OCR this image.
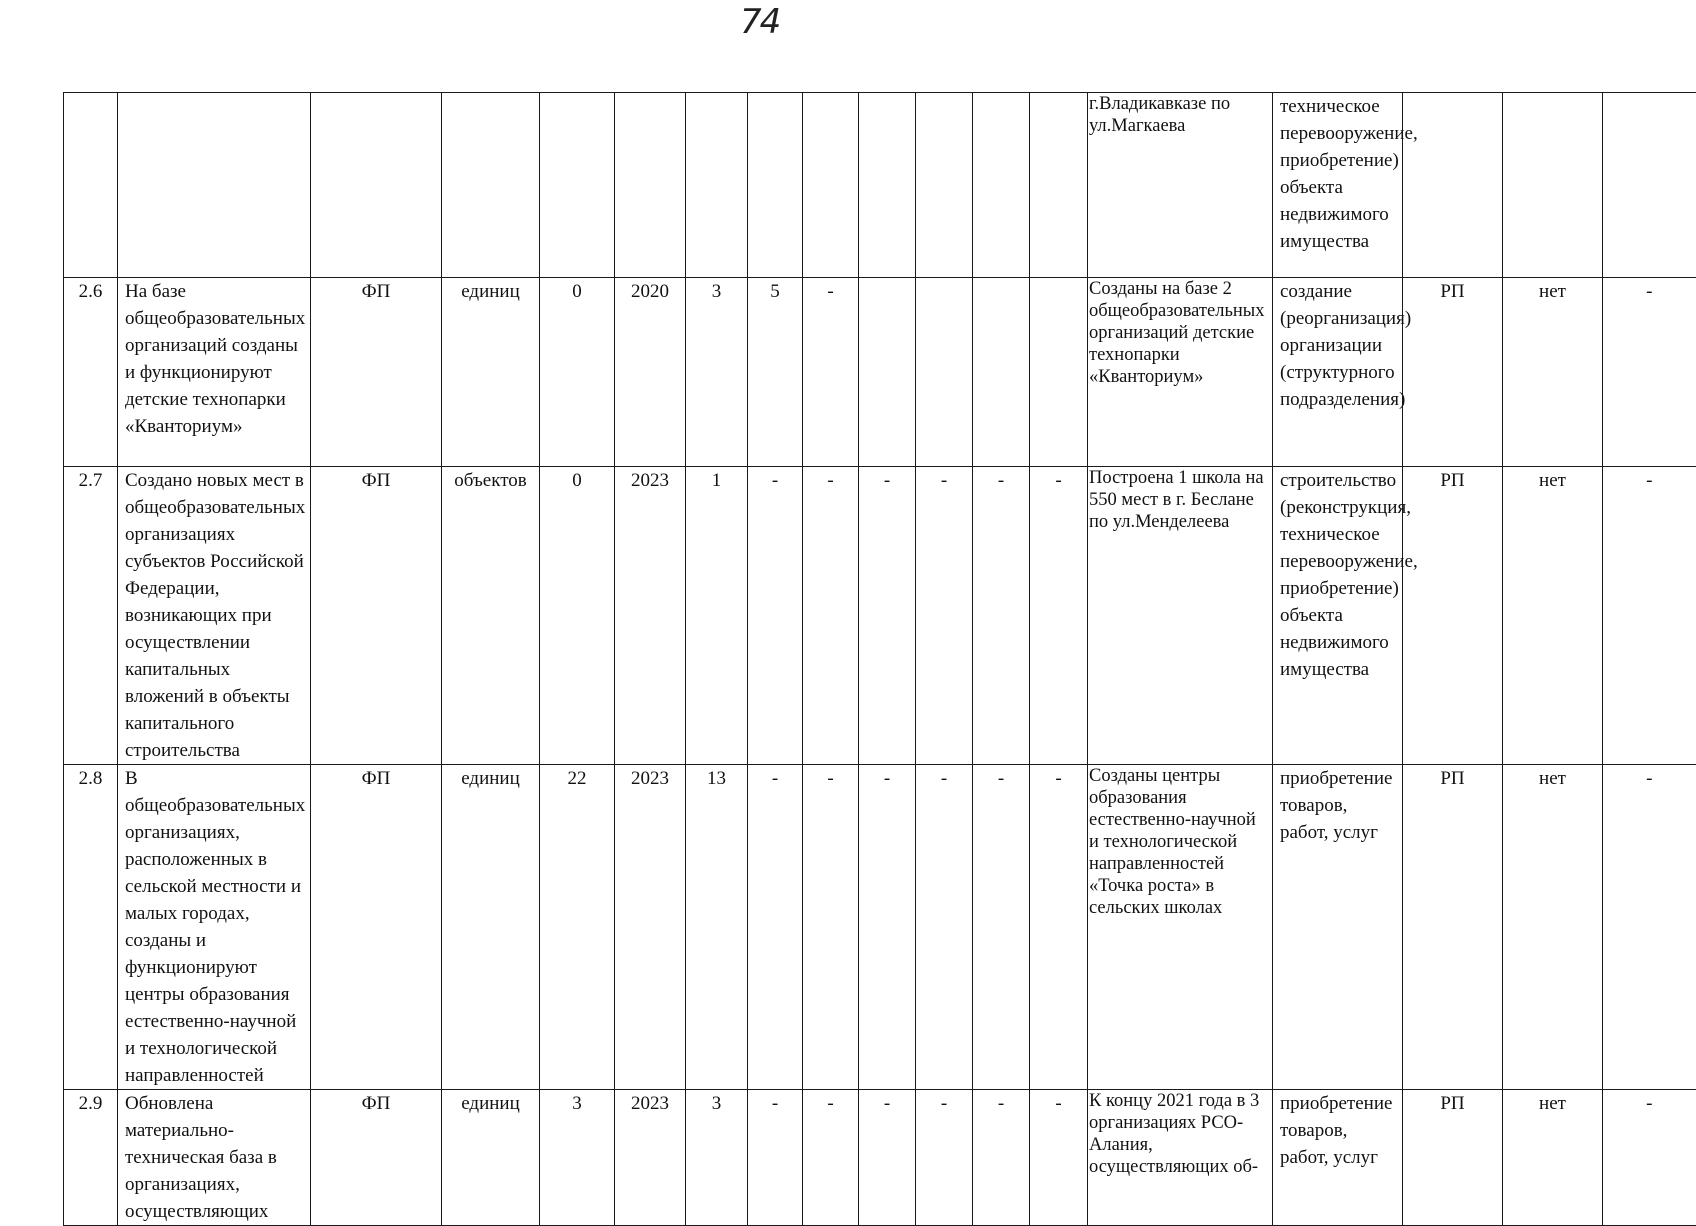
74
													г.Владикавказе по ул.Магкаева	техническое перевооружение, приобретение) объекта недвижимого имущества			
2.6	На базе общеобразовательных организаций созданы и функционируют детские технопарки «Кванториум»	ФП	единиц	0	2020	3	5	-					Созданы на базе 2 общеобразовательных организаций детские технопарки «Кванториум»	создание (реорганизация) организации (структурного подразделения)	РП	нет	-
2.7	Создано новых мест в общеобразовательных организациях субъектов Российской Федерации, возникающих при осуществлении капитальных вложений в объекты капитального строительства	ФП	объектов	0	2023	1	-	-	-	-	-	-	Построена 1 школа на 550 мест в г. Беслане по ул.Менделеева	строительство (реконструкция, техническое перевооружение, приобретение) объекта недвижимого имущества	РП	нет	-
2.8	В общеобразовательных организациях, расположенных в сельской местности и малых городах, созданы и функционируют центры образования естественно-научной и технологической направленностей	ФП	единиц	22	2023	13	-	-	-	-	-	-	Созданы центры образования естественно-научной и технологической направленностей «Точка роста» в сельских школах	приобретение товаров, работ, услуг	РП	нет	-
2.9	Обновлена материально-техническая база в организациях, осуществляющих	ФП	единиц	3	2023	3	-	-	-	-	-	-	К концу 2021 года в 3 организациях РСО-Алания, осуществляющих об-	приобретение товаров, работ, услуг	РП	нет	-
